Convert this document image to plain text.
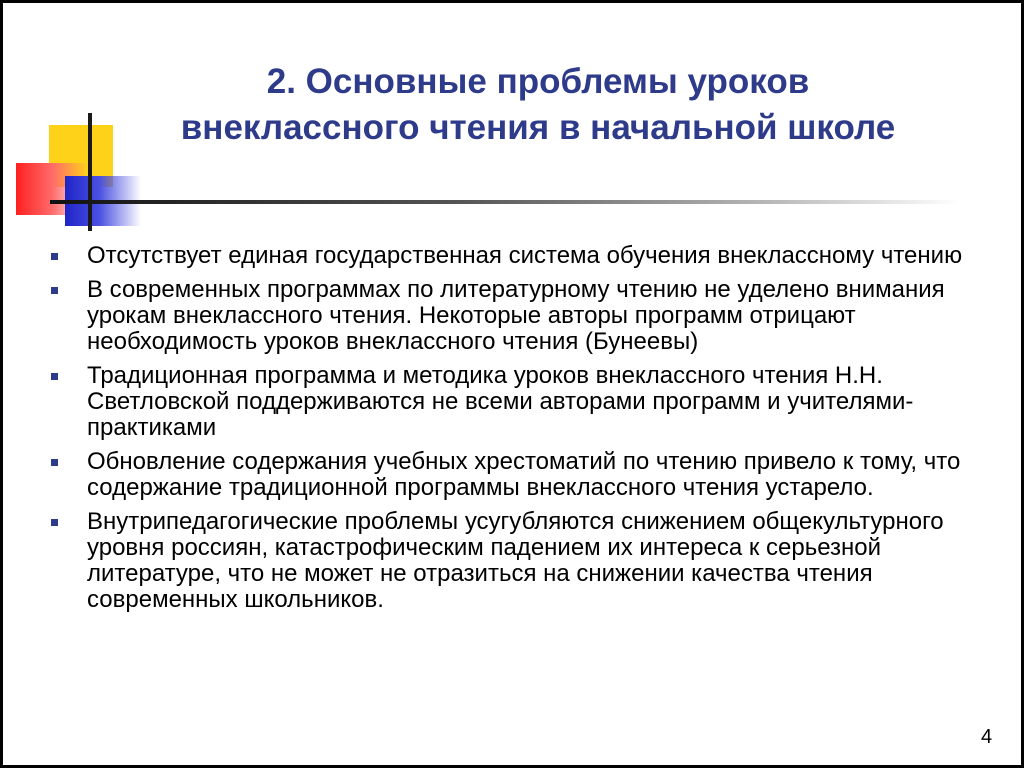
2. Основные проблемы уроков
внеклассного чтения в начальной школе
Отсутствует единая государственная система обучения внеклассному чтению
В современных программах по литературному чтению не уделено внимания урокам внеклассного чтения. Некоторые авторы программ отрицают необходимость уроков внеклассного чтения (Бунеевы)
Традиционная программа и методика уроков внеклассного чтения Н.Н. Светловской поддерживаются не всеми авторами программ и учителями-практиками
Обновление содержания учебных хрестоматий по чтению привело к тому, что содержание традиционной программы внеклассного чтения устарело.
Внутрипедагогические проблемы усугубляются снижением общекультурного уровня россиян, катастрофическим падением их интереса к серьезной литературе, что не может не отразиться на снижении качества чтения современных школьников.
4
